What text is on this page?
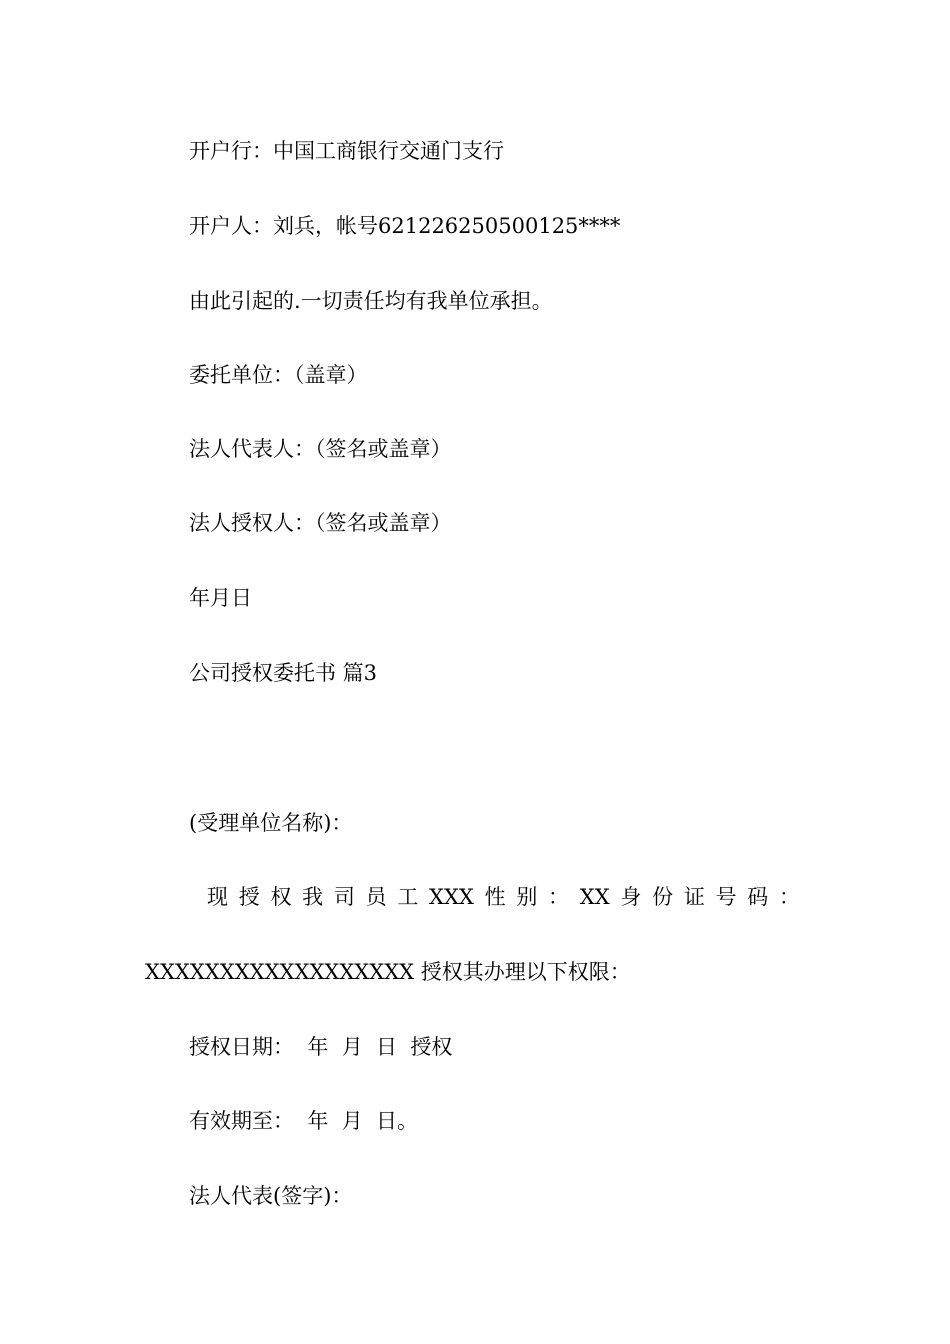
开户行：中国工商银行交通门支行

开户人：刘兵，帐号621226250500125****

由此引起的.一切责任均有我单位承担。

委托单位：（盖章）

法人代表人：（签名或盖章）

法人授权人：（签名或盖章）

年月日

公司授权委托书 篇3

(受理单位名称)：

现 授 权 我 司 员 工 XXX 性 别 ： XX 身 份 证 号 码 ：

XXXXXXXXXXXXXXXXXX 授权其办理以下权限：

授权日期：  年  月  日  授权

有效期至：  年  月  日。

法人代表(签字)：
